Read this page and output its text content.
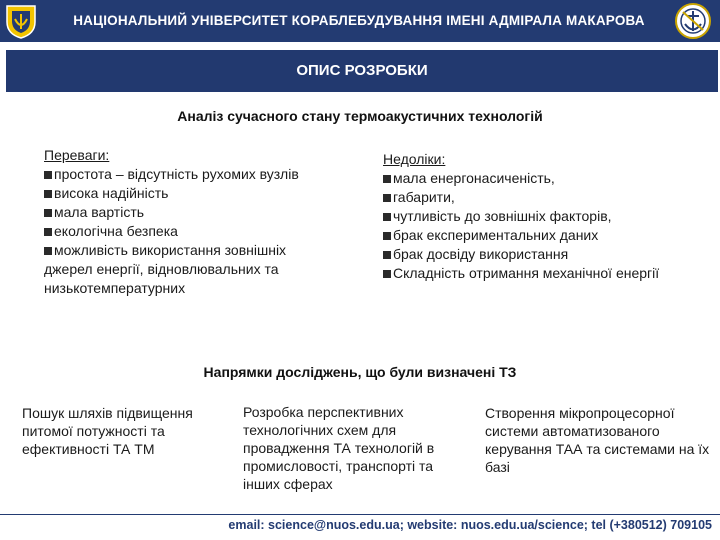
НАЦІОНАЛЬНИЙ УНІВЕРСИТЕТ КОРАБЛЕБУДУВАННЯ ІМЕНІ АДМІРАЛА МАКАРОВА
ОПИС РОЗРОБКИ
Аналіз сучасного стану термоакустичних технологій
Переваги:
простота – відсутність рухомих вузлів
висока надійність
мала вартість
екологічна безпека
можливість використання зовнішніх джерел енергії, відновлювальних та низькотемпературних
Недоліки:
мала енергонасиченість,
габарити,
чутливість до зовнішніх факторів,
брак експериментальних даних
брак досвіду використання
Складність отримання механічної енергії
Напрямки досліджень, що були визначені ТЗ
Пошук шляхів підвищення питомої потужності та ефективності ТА ТМ
Розробка перспективних технологічних схем для провадження ТА технологій в промисловості, транспорті та інших сферах
Створення мікропроцесорної системи автоматизованого керування ТАА та системами на їх базі
email: science@nuos.edu.ua; website: nuos.edu.ua/science; tel (+380512) 709105
